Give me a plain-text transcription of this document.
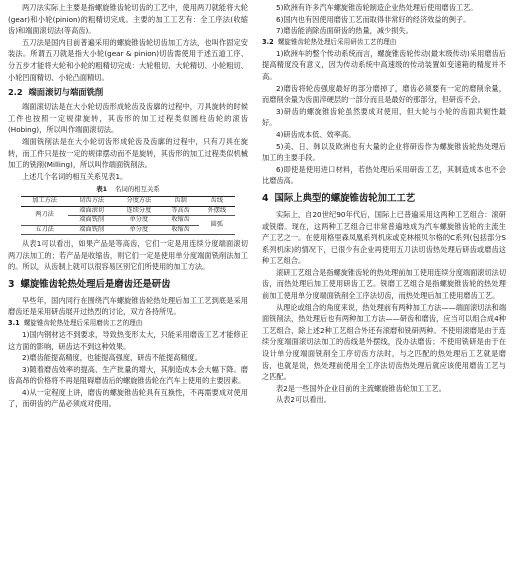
两刀法实际上主要是指螺旋锥齿轮切齿的工艺中，使用两刀就能将大轮(gear)和小轮(pinion)的粗精切完成。主要的加工工艺有：全工序法(收缩齿)和端面滚切法(等高齿)。

五刀法是国内目前普遍采用的螺旋锥齿轮切齿加工方法，也叫作固定安装法。所谓五刀就是指大小轮(gear & pinion)切齿需使用于述五道工序、分五步才能将大轮和小轮的粗精切完成：大轮粗切、大轮精切、小轮粗切、小轮凹面精切、小轮凸面精切。

2.2 端面滚切与端面铣削

端面滚切法是在大小轮切齿形成轮齿及齿廓的过程中，刀具旋转的时候工件也按照一定规律旋转，其齿形的加工过程类似圆柱齿轮的滚齿(Hobing)，所以叫作端面滚切法。

端面铣削法是在大小轮切齿形成轮齿及齿廓的过程中，只有刀具在旋转，而工件只是按一定的规律摆动而不是旋转，其齿形的加工过程类似机械加工的铣削(Milling)，所以叫作端面铣削法。

上述几个名词的相互关系见表1。

表1 名词的相互关系
加工方法	切齿方法	分度方法	齿制	齿线
两刀法	端面滚切	连续分度	等高齿	外摆线
	端面铣削	单分度	收缩齿	圆弧
五刀法	端面铣削	单分度	收缩齿	

从表1可以看出，如果产品是等高齿，它们一定是用连续分度端面滚切两刀法加工的；若产品是收缩齿，则它们一定是使用单分度端面铣削法加工的。所以，从齿制上就可以很容易区别它们所使用的加工方法。

3 螺旋锥齿轮热处理后是磨齿还是研齿

早些年，国内同行在围绕汽车螺旋锥齿轮热处理后加工工艺到底是采用磨齿还是采用研齿展开过热烈的讨论，双方各持所见。

3.1 螺旋锥齿轮热处理后采用磨齿工艺的理由

1)国内钢材达不到要求，导致热变形太大，只能采用磨齿工艺才能修正这方面的影响，研齿达不到这种效果。

2)磨齿能提高精度，也能提高强度，研齿不能提高精度。

3)随着磨齿效率的提高、生产批量的增大，其制造成本会大幅下降。磨齿高昂的价格将不再是阻碍磨齿后的螺旋锥齿轮在汽车上使用的主要因素。

4)从一定程度上讲，磨齿的螺旋锥齿轮具有互换性，不再需要成对使用了，而研齿的产品必须成对使用。

5)欧洲有许多汽车螺旋锥齿轮制造企业热处理后使用磨齿工艺。

6)国内也有因使用磨齿工艺而取得非常好的经济效益的例子。

7)磨齿能消除齿面研齿的热量，减少损失。

3.2 螺旋锥齿轮热处理后采用研齿工艺的理由

1)欧洲车的整个传动系统而言，螺旋锥齿轮传动(最末级传动)采用磨齿后提高精度没有意义，因为传动系统中高速级的传动装置如变速箱的精度并不高。

2)磨齿将轮齿强度最好的部分磨掉了，磨齿必须要有一定的磨削余量，而磨削余量为齿面淬硬层的一部分而且是最好的那部分，但研齿不会。

3)研齿的螺旋锥齿轮虽然要成对使用，但大轮与小轮的齿面共轭性最好。

4)研齿成本低、效率高。

5)美、日、韩以及欧洲也有大量的企业将研齿作为螺旋锥齿轮热处理后加工的主要手段。

6)即使是使用进口材料，若热处理后采用研齿工艺，其制造成本也不会比磨齿高。

4 国际上典型的螺旋锥齿轮加工工艺

实际上，自20世纪90年代后，国际上已普遍采用这两种工艺组合：滚研或铣磨。现在，这两种工艺组合已非常普遍地成为汽车螺旋锥齿轮的主流生产工艺之一。在使用格里森凤凰系列机床或克林根贝尔格的C系列(包括部分S系列机床)的情况下，已很少有企业再使用五刀法切齿热处理后研齿或磨齿这种工艺组合。

滚研工艺组合是指螺旋锥齿轮的热处理前加工使用连续分度端面滚切法切齿，而热处理后加工使用研齿工艺。铣磨工艺组合是指螺旋锥齿轮的热处理前加工使用单分度端面铣削全工序法切齿，而热处理后加工使用磨齿工艺。

从理论或组合的角度来说，热处理前有两种加工方法——端面滚切法和端面铣削法，热处理后也有两种加工方法——研齿和磨齿，应当可以组合成4种工艺组合，除上述2种工艺组合外还有滚磨和铣研两种。不使用滚磨是由于连续分度端面滚切法加工的齿线是外摆线，没办法磨齿；不使用铣研是由于在设计单分度端面铣削全工序切齿方法时，与之匹配的热处理后工艺就是磨齿，也就是说，热处理前使用全工序法切齿热处理后就应该使用磨齿工艺与之匹配。

表2是一些国外企业目前的主流螺旋锥齿轮加工工艺。

从表2可以看出。
